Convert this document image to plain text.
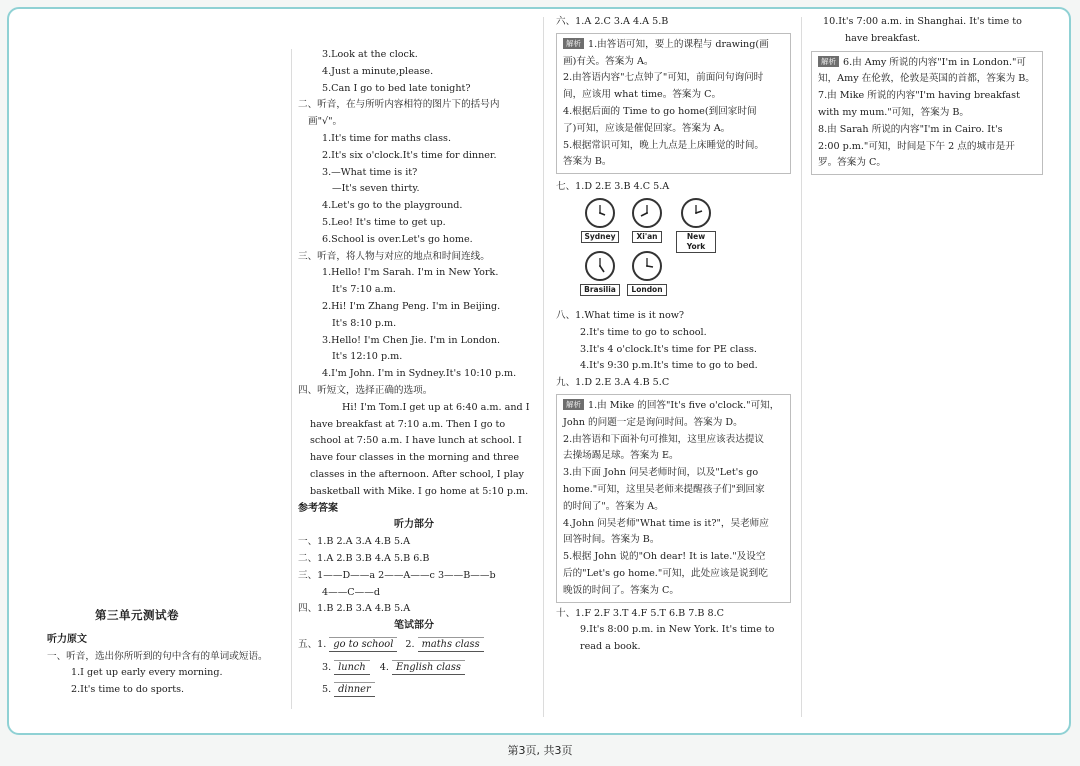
第三单元测试卷
听力原文
一、听音，选出你所听到的句中含有的单词或短语。
1.I get up early every morning.
2.It's time to do sports.
3.Look at the clock.
4.Just a minute,please.
5.Can I go to bed late tonight?
二、听音，在与所听内容相符的图片下的括号内
画"√"。
1.It's time for maths class.
2.It's six o'clock.It's time for dinner.
3.—What time is it?
—It's seven thirty.
4.Let's go to the playground.
5.Leo! It's time to get up.
6.School is over.Let's go home.
三、听音，将人物与对应的地点和时间连线。
1.Hello! I'm Sarah. I'm in New York.
It's 7:10 a.m.
2.Hi! I'm Zhang Peng. I'm in Beijing.
It's 8:10 p.m.
3.Hello! I'm Chen Jie. I'm in London.
It's 12:10 p.m.
4.I'm John. I'm in Sydney.It's 10:10 p.m.
四、听短文，选择正确的选项。
Hi! I'm Tom.I get up at 6:40 a.m. and I
have breakfast at 7:10 a.m. Then I go to
school at 7:50 a.m. I have lunch at school. I
have four classes in the morning and three
classes in the afternoon. After school, I play
basketball with Mike. I go home at 5:10 p.m.
参考答案
听力部分
一、1.B 2.A 3.A 4.B 5.A
二、1.A 2.B 3.B 4.A 5.B 6.B
三、1——D——a 2——A——c 3——B——b
4——C——d
四、1.B 2.B 3.A 4.B 5.A
笔试部分
五、1. go to school 2. maths class
3. lunch 4. English class
5. dinner
六、1.A 2.C 3.A 4.A 5.B
解析 1.由答语可知，要上的课程与 drawing(画
画)有关。答案为 A。
2.由答语内容"七点钟了"可知，前面问句询问时
间，应该用 what time。答案为 C。
4.根据后面的 Time to go home(到回家时间
了)可知，应该是催促回家。答案为 A。
5.根据常识可知，晚上九点是上床睡觉的时间。
答案为 B。
七、1.D 2.E 3.B 4.C 5.A
Sydney	Xi'an	New York
Brasilia	London
八、1.What time is it now?
2.It's time to go to school.
3.It's 4 o'clock.It's time for PE class.
4.It's 9:30 p.m.It's time to go to bed.
九、1.D 2.E 3.A 4.B 5.C
解析 1.由 Mike 的回答"It's five o'clock."可知，
John 的问题一定是询问时间。答案为 D。
2.由答语和下面补句可推知，这里应该表达提议
去操场踢足球。答案为 E。
3.由下面 John 问吴老师时间，以及"Let's go
home."可知，这里吴老师来提醒孩子们"到回家
的时间了"。答案为 A。
4.John 问吴老师"What time is it?"，吴老师应
回答时间。答案为 B。
5.根据 John 说的"Oh dear! It is late."及设空
后的"Let's go home."可知，此处应该是说到吃
晚饭的时间了。答案为 C。
十、1.F 2.F 3.T 4.F 5.T 6.B 7.B 8.C
9.It's 8:00 p.m. in New York. It's time to
read a book.
10.It's 7:00 a.m. in Shanghai. It's time to
have breakfast.
解析 6.由 Amy 所说的内容"I'm in London."可
知，Amy 在伦敦，伦敦是英国的首都，答案为 B。
7.由 Mike 所说的内容"I'm having breakfast
with my mum."可知，答案为 B。
8.由 Sarah 所说的内容"I'm in Cairo. It's
2:00 p.m."可知，时间是下午 2 点的城市是开
罗。答案为 C。
第3页, 共3页
